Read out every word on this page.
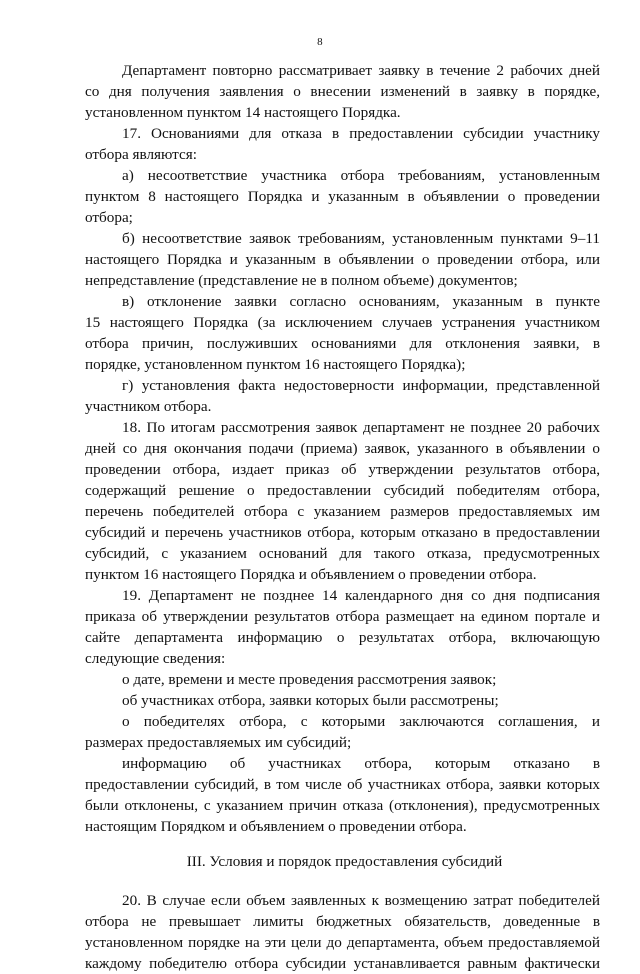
8
Департамент повторно рассматривает заявку в течение 2 рабочих дней
со дня получения заявления о внесении изменений в заявку в порядке,
установленном пунктом 14 настоящего Порядка.
17. Основаниями для отказа в предоставлении субсидии участнику
отбора являются:
а) несоответствие участника отбора требованиям, установленным
пунктом 8 настоящего Порядка и указанным в объявлении о проведении
отбора;
б) несоответствие заявок требованиям, установленным пунктами 9–11
настоящего Порядка и указанным в объявлении о проведении отбора, или
непредставление (представление не в полном объеме) документов;
в) отклонение заявки согласно основаниям, указанным в пункте
15 настоящего Порядка (за исключением случаев устранения участником
отбора причин, послуживших основаниями для отклонения заявки, в
порядке, установленном пунктом 16 настоящего Порядка);
г) установления факта недостоверности информации, представленной
участником отбора.
18. По итогам рассмотрения заявок департамент не позднее 20 рабочих
дней со дня окончания подачи (приема) заявок, указанного в объявлении о
проведении отбора, издает приказ об утверждении результатов отбора,
содержащий решение о предоставлении субсидий победителям отбора,
перечень победителей отбора с указанием размеров предоставляемых им
субсидий и перечень участников отбора, которым отказано в предоставлении
субсидий, с указанием оснований для такого отказа, предусмотренных
пунктом 16 настоящего Порядка и объявлением о проведении отбора.
19. Департамент не позднее 14 календарного дня со дня подписания
приказа об утверждении результатов отбора размещает на едином портале и
сайте департамента информацию о результатах отбора, включающую
следующие сведения:
о дате, времени и месте проведения рассмотрения заявок;
об участниках отбора, заявки которых были рассмотрены;
о победителях отбора, с которыми заключаются соглашения, и
размерах предоставляемых им субсидий;
информацию об участниках отбора, которым отказано в
предоставлении субсидий, в том числе об участниках отбора, заявки которых
были отклонены, с указанием причин отказа (отклонения), предусмотренных
настоящим Порядком и объявлением о проведении отбора.
III. Условия и порядок предоставления субсидий
20. В случае если объем заявленных к возмещению затрат победителей
отбора не превышает лимиты бюджетных обязательств, доведенные в
установленном порядке на эти цели до департамента, объем предоставляемой
каждому победителю отбора субсидии устанавливается равным фактически
